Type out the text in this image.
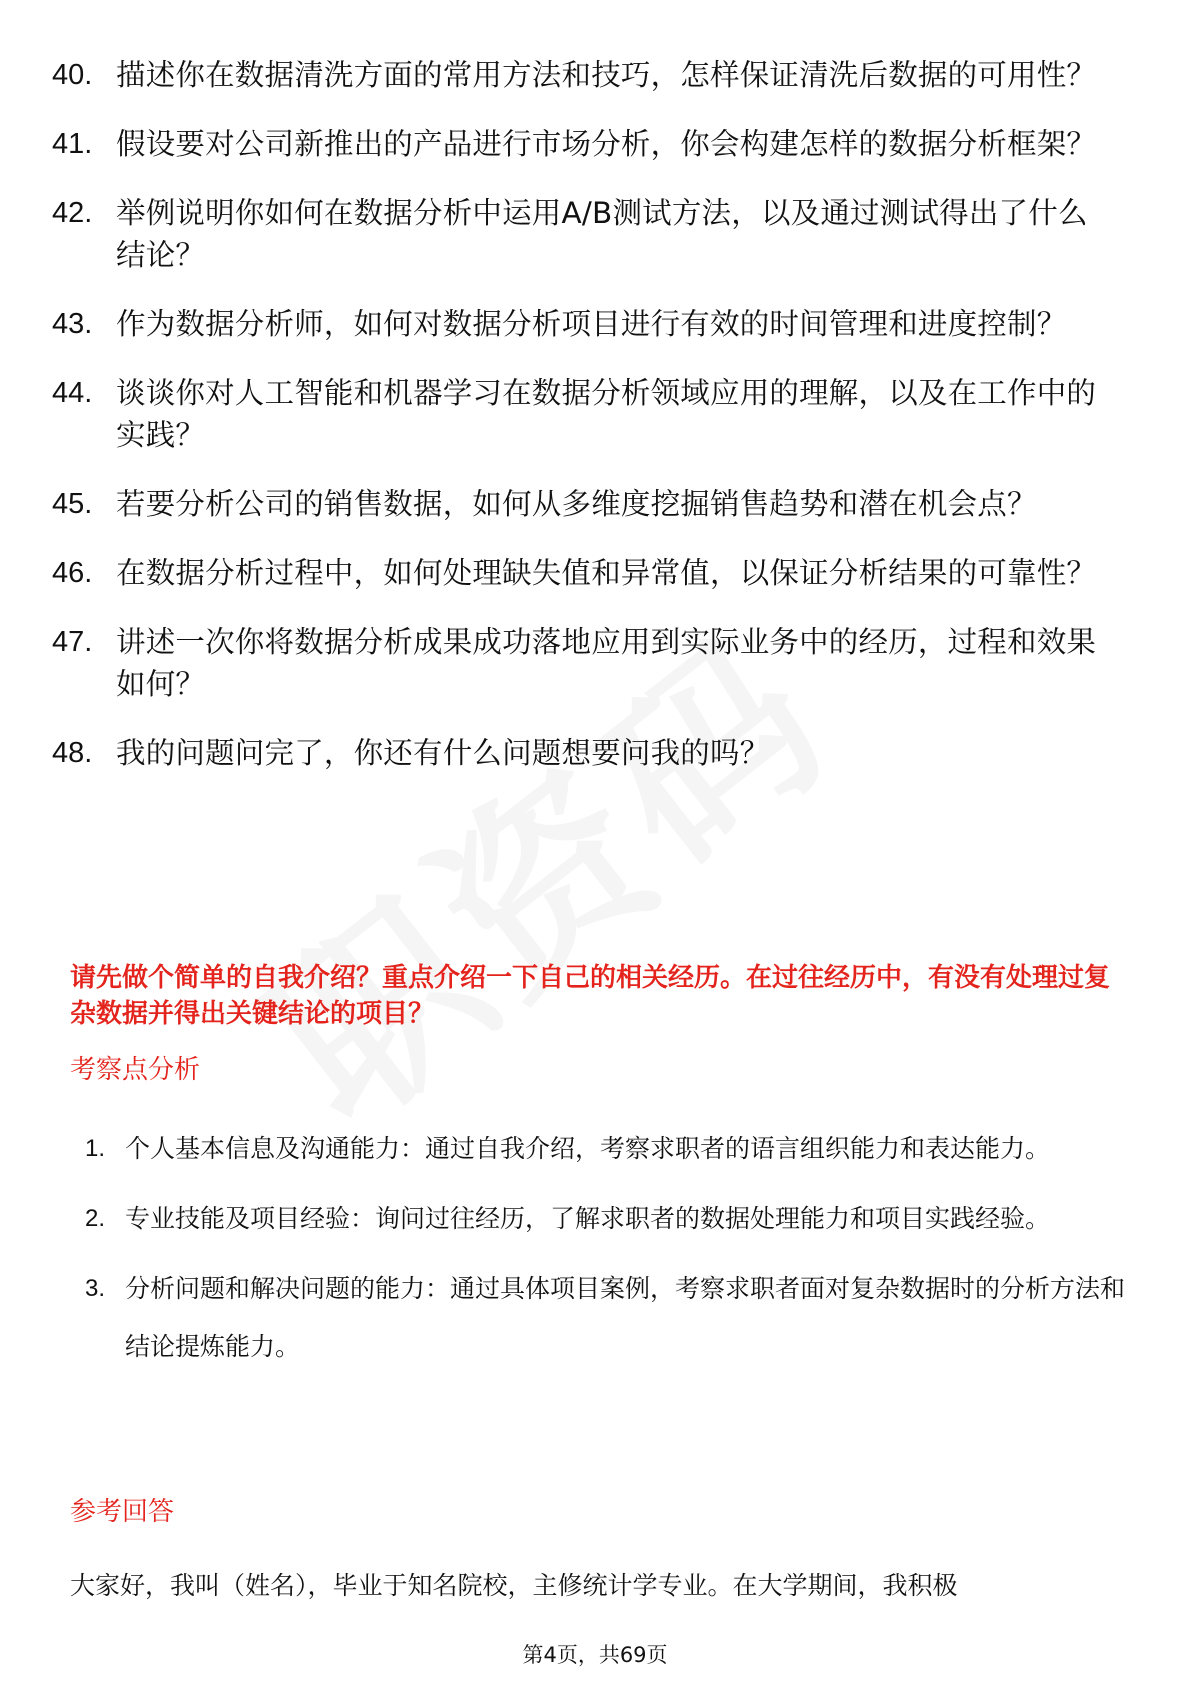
40. 描述你在数据清洗方面的常用方法和技巧，怎样保证清洗后数据的可用性？
41. 假设要对公司新推出的产品进行市场分析，你会构建怎样的数据分析框架？
42. 举例说明你如何在数据分析中运用A/B测试方法，以及通过测试得出了什么结论？
43. 作为数据分析师，如何对数据分析项目进行有效的时间管理和进度控制？
44. 谈谈你对人工智能和机器学习在数据分析领域应用的理解，以及在工作中的实践？
45. 若要分析公司的销售数据，如何从多维度挖掘销售趋势和潜在机会点？
46. 在数据分析过程中，如何处理缺失值和异常值，以保证分析结果的可靠性？
47. 讲述一次你将数据分析成果成功落地应用到实际业务中的经历，过程和效果如何？
48. 我的问题问完了，你还有什么问题想要问我的吗？

请先做个简单的自我介绍？重点介绍一下自己的相关经历。在过往经历中，有没有处理过复杂数据并得出关键结论的项目？

考察点分析
1. 个人基本信息及沟通能力：通过自我介绍，考察求职者的语言组织能力和表达能力。
2. 专业技能及项目经验：询问过往经历，了解求职者的数据处理能力和项目实践经验。
3. 分析问题和解决问题的能力：通过具体项目案例，考察求职者面对复杂数据时的分析方法和结论提炼能力。
参考回答

大家好，我叫（姓名），毕业于知名院校，主修统计学专业。在大学期间，我积极

第4页，共69页
